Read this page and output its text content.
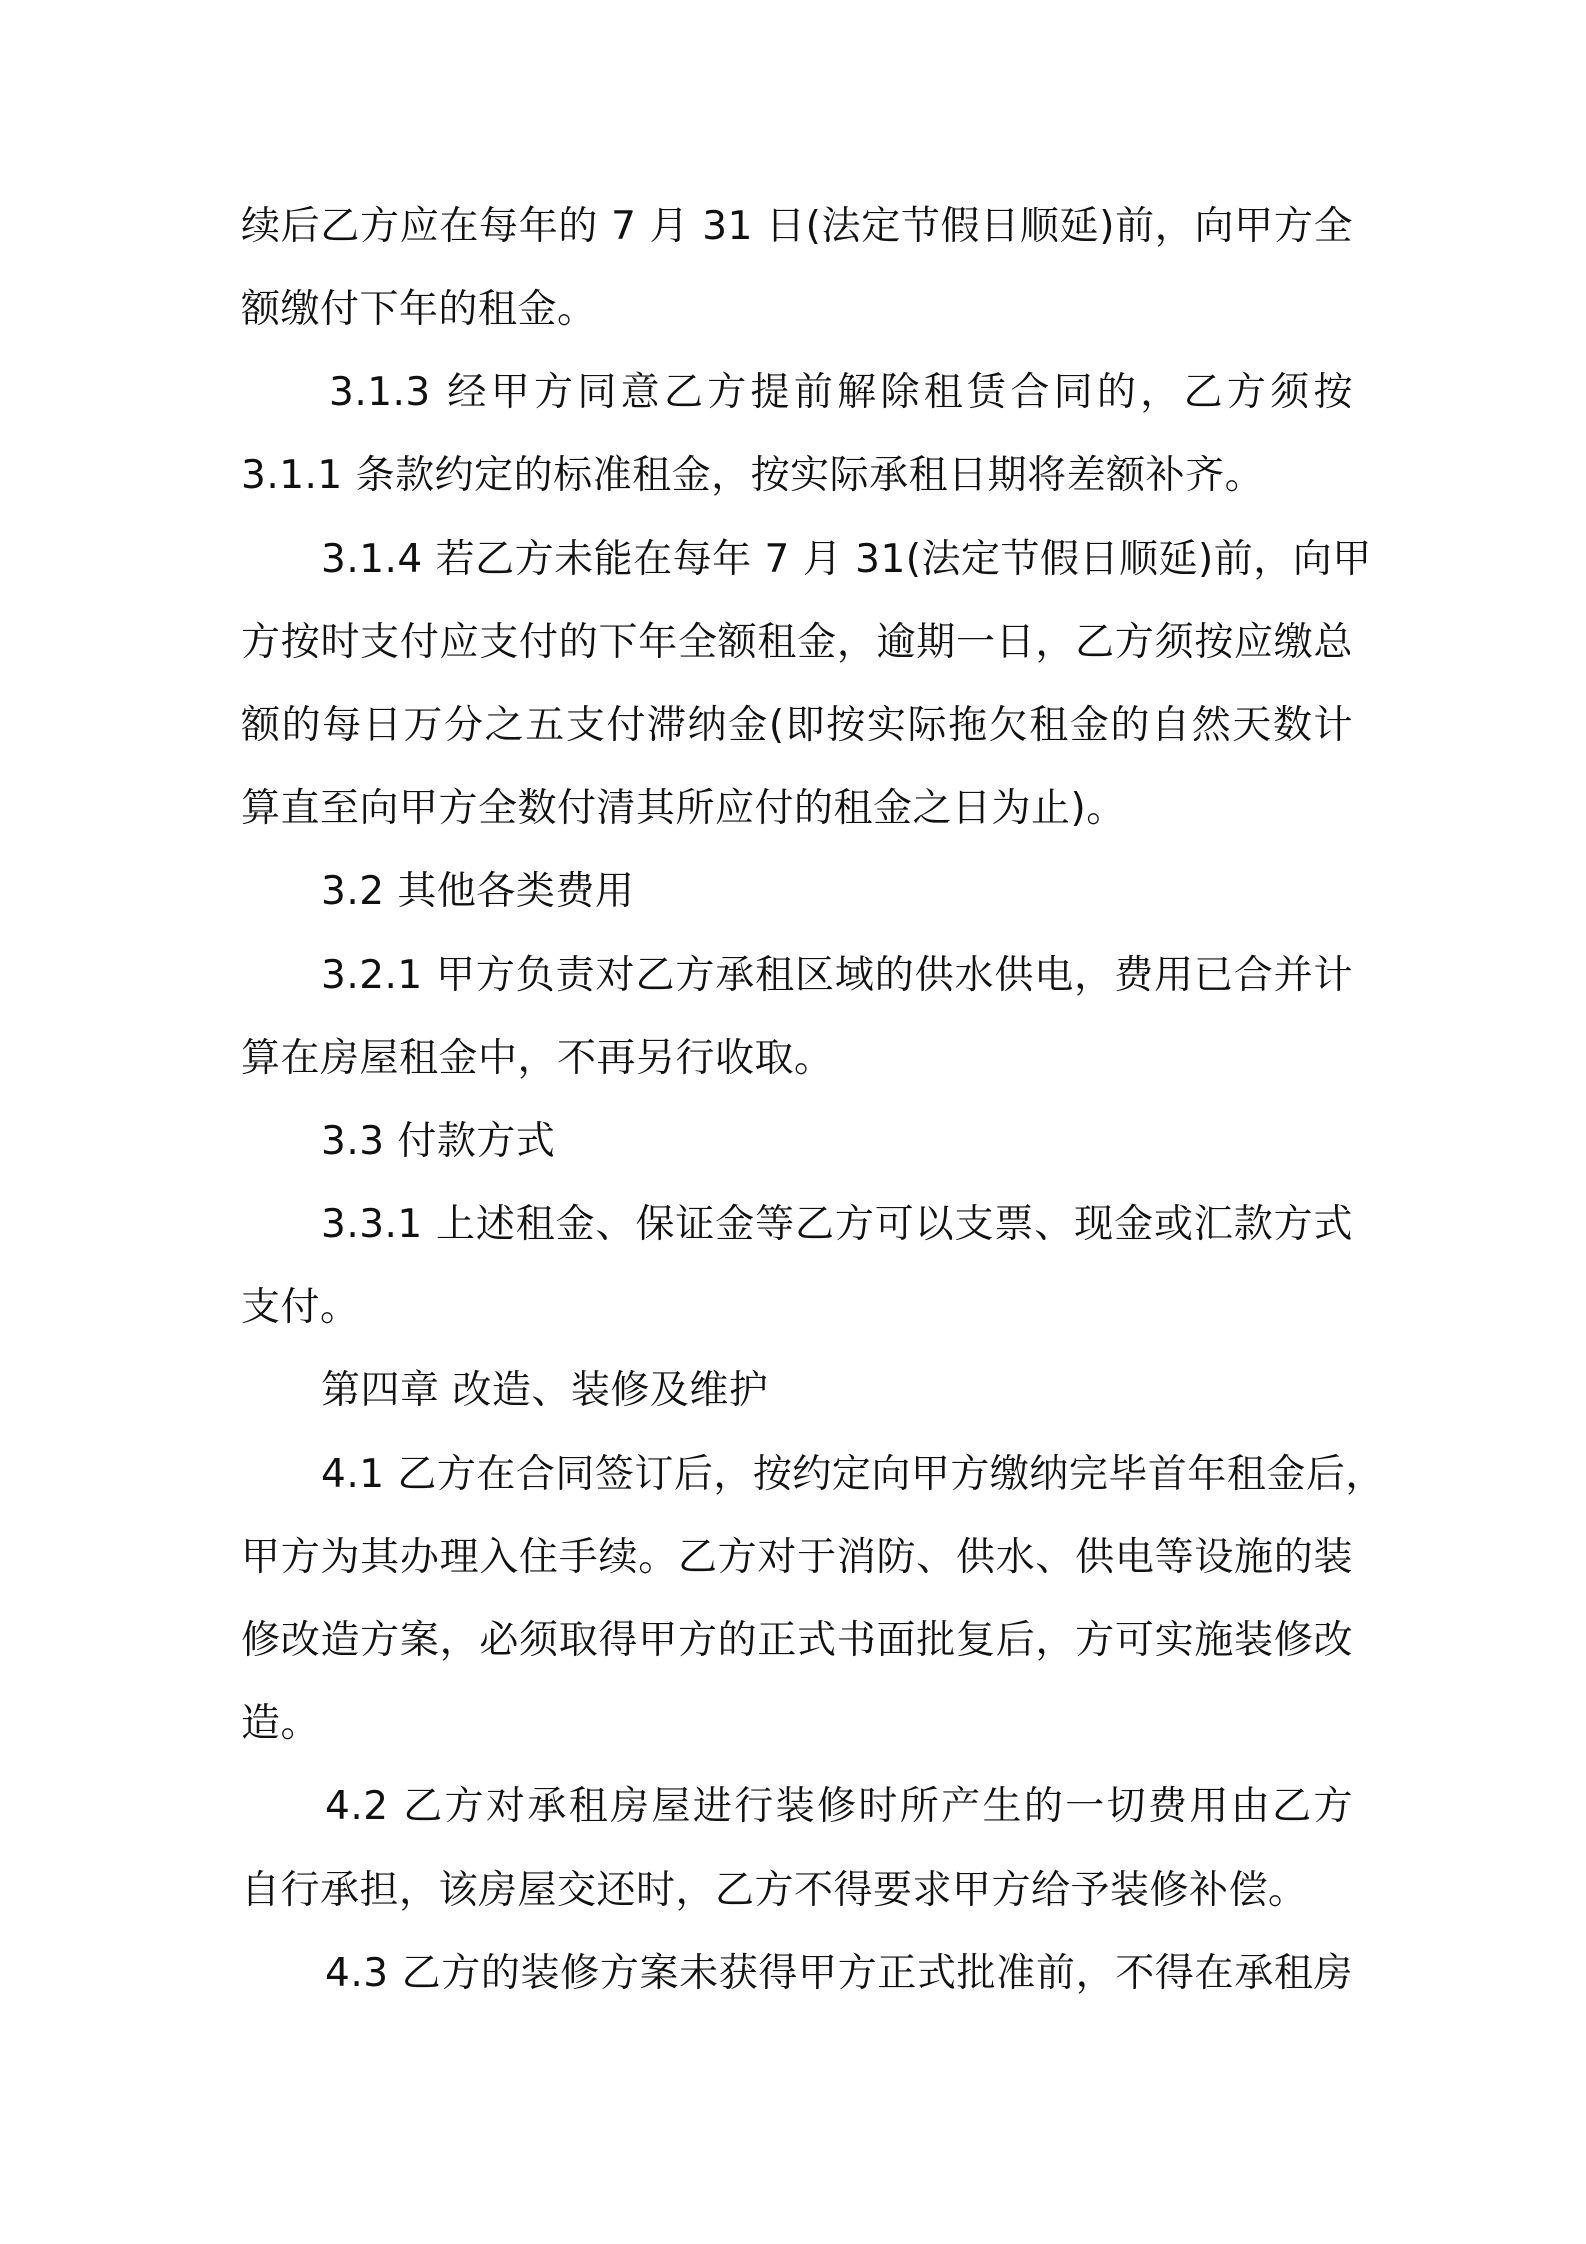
续后乙方应在每年的 7 月 31 日(法定节假日顺延)前，向甲方全
额缴付下年的租金。
3.1.3 经甲方同意乙方提前解除租赁合同的，乙方须按
3.1.1 条款约定的标准租金，按实际承租日期将差额补齐。
3.1.4 若乙方未能在每年 7 月 31(法定节假日顺延)前，向甲
方按时支付应支付的下年全额租金，逾期一日，乙方须按应缴总
额的每日万分之五支付滞纳金(即按实际拖欠租金的自然天数计
算直至向甲方全数付清其所应付的租金之日为止)。
3.2 其他各类费用
3.2.1 甲方负责对乙方承租区域的供水供电，费用已合并计
算在房屋租金中，不再另行收取。
3.3 付款方式
3.3.1 上述租金、保证金等乙方可以支票、现金或汇款方式
支付。
第四章 改造、装修及维护
4.1 乙方在合同签订后，按约定向甲方缴纳完毕首年租金后，
甲方为其办理入住手续。乙方对于消防、供水、供电等设施的装
修改造方案，必须取得甲方的正式书面批复后，方可实施装修改
造。
4.2 乙方对承租房屋进行装修时所产生的一切费用由乙方
自行承担，该房屋交还时，乙方不得要求甲方给予装修补偿。
4.3 乙方的装修方案未获得甲方正式批准前，不得在承租房
